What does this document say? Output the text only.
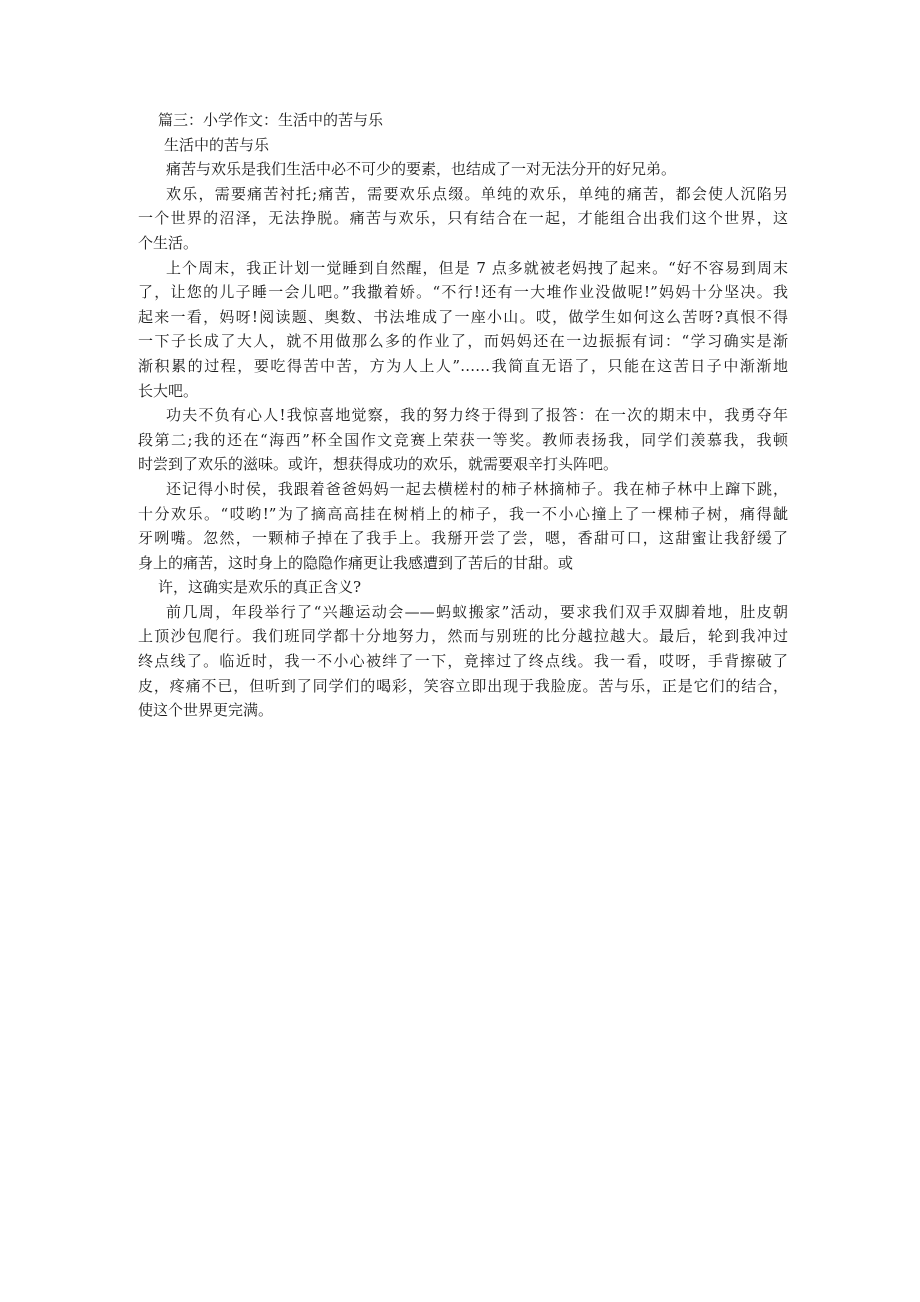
篇三：小学作文：生活中的苦与乐
生活中的苦与乐
痛苦与欢乐是我们生活中必不可少的要素，也结成了一对无法分开的好兄弟。
欢乐，需要痛苦衬托;痛苦，需要欢乐点缀。单纯的欢乐，单纯的痛苦，都会使人沉陷另
一个世界的沼泽，无法挣脱。痛苦与欢乐，只有结合在一起，才能组合出我们这个世界，这
个生活。
上个周末，我正计划一觉睡到自然醒，但是 7 点多就被老妈拽了起来。“好不容易到周末
了，让您的儿子睡一会儿吧。”我撒着娇。“不行!还有一大堆作业没做呢!”妈妈十分坚决。我
起来一看，妈呀!阅读题、奥数、书法堆成了一座小山。哎，做学生如何这么苦呀?真恨不得
一下子长成了大人，就不用做那么多的作业了，而妈妈还在一边振振有词：“学习确实是渐
渐积累的过程，要吃得苦中苦，方为人上人”……我简直无语了，只能在这苦日子中渐渐地
长大吧。
功夫不负有心人!我惊喜地觉察，我的努力终于得到了报答：在一次的期末中，我勇夺年
段第二;我的还在“海西”杯全国作文竞赛上荣获一等奖。教师表扬我，同学们羡慕我，我顿
时尝到了欢乐的滋味。或许，想获得成功的欢乐，就需要艰辛打头阵吧。
还记得小时侯，我跟着爸爸妈妈一起去横槎村的柿子林摘柿子。我在柿子林中上蹿下跳，
十分欢乐。“哎哟!”为了摘高高挂在树梢上的柿子，我一不小心撞上了一棵柿子树，痛得龇
牙咧嘴。忽然，一颗柿子掉在了我手上。我掰开尝了尝，嗯，香甜可口，这甜蜜让我舒缓了
身上的痛苦，这时身上的隐隐作痛更让我感遭到了苦后的甘甜。或
许，这确实是欢乐的真正含义?
前几周，年段举行了“兴趣运动会——蚂蚁搬家”活动，要求我们双手双脚着地，肚皮朝
上顶沙包爬行。我们班同学都十分地努力，然而与别班的比分越拉越大。最后，轮到我冲过
终点线了。临近时，我一不小心被绊了一下，竟摔过了终点线。我一看，哎呀，手背擦破了
皮，疼痛不已，但听到了同学们的喝彩，笑容立即出现于我脸庞。苦与乐，正是它们的结合，
使这个世界更完满。
